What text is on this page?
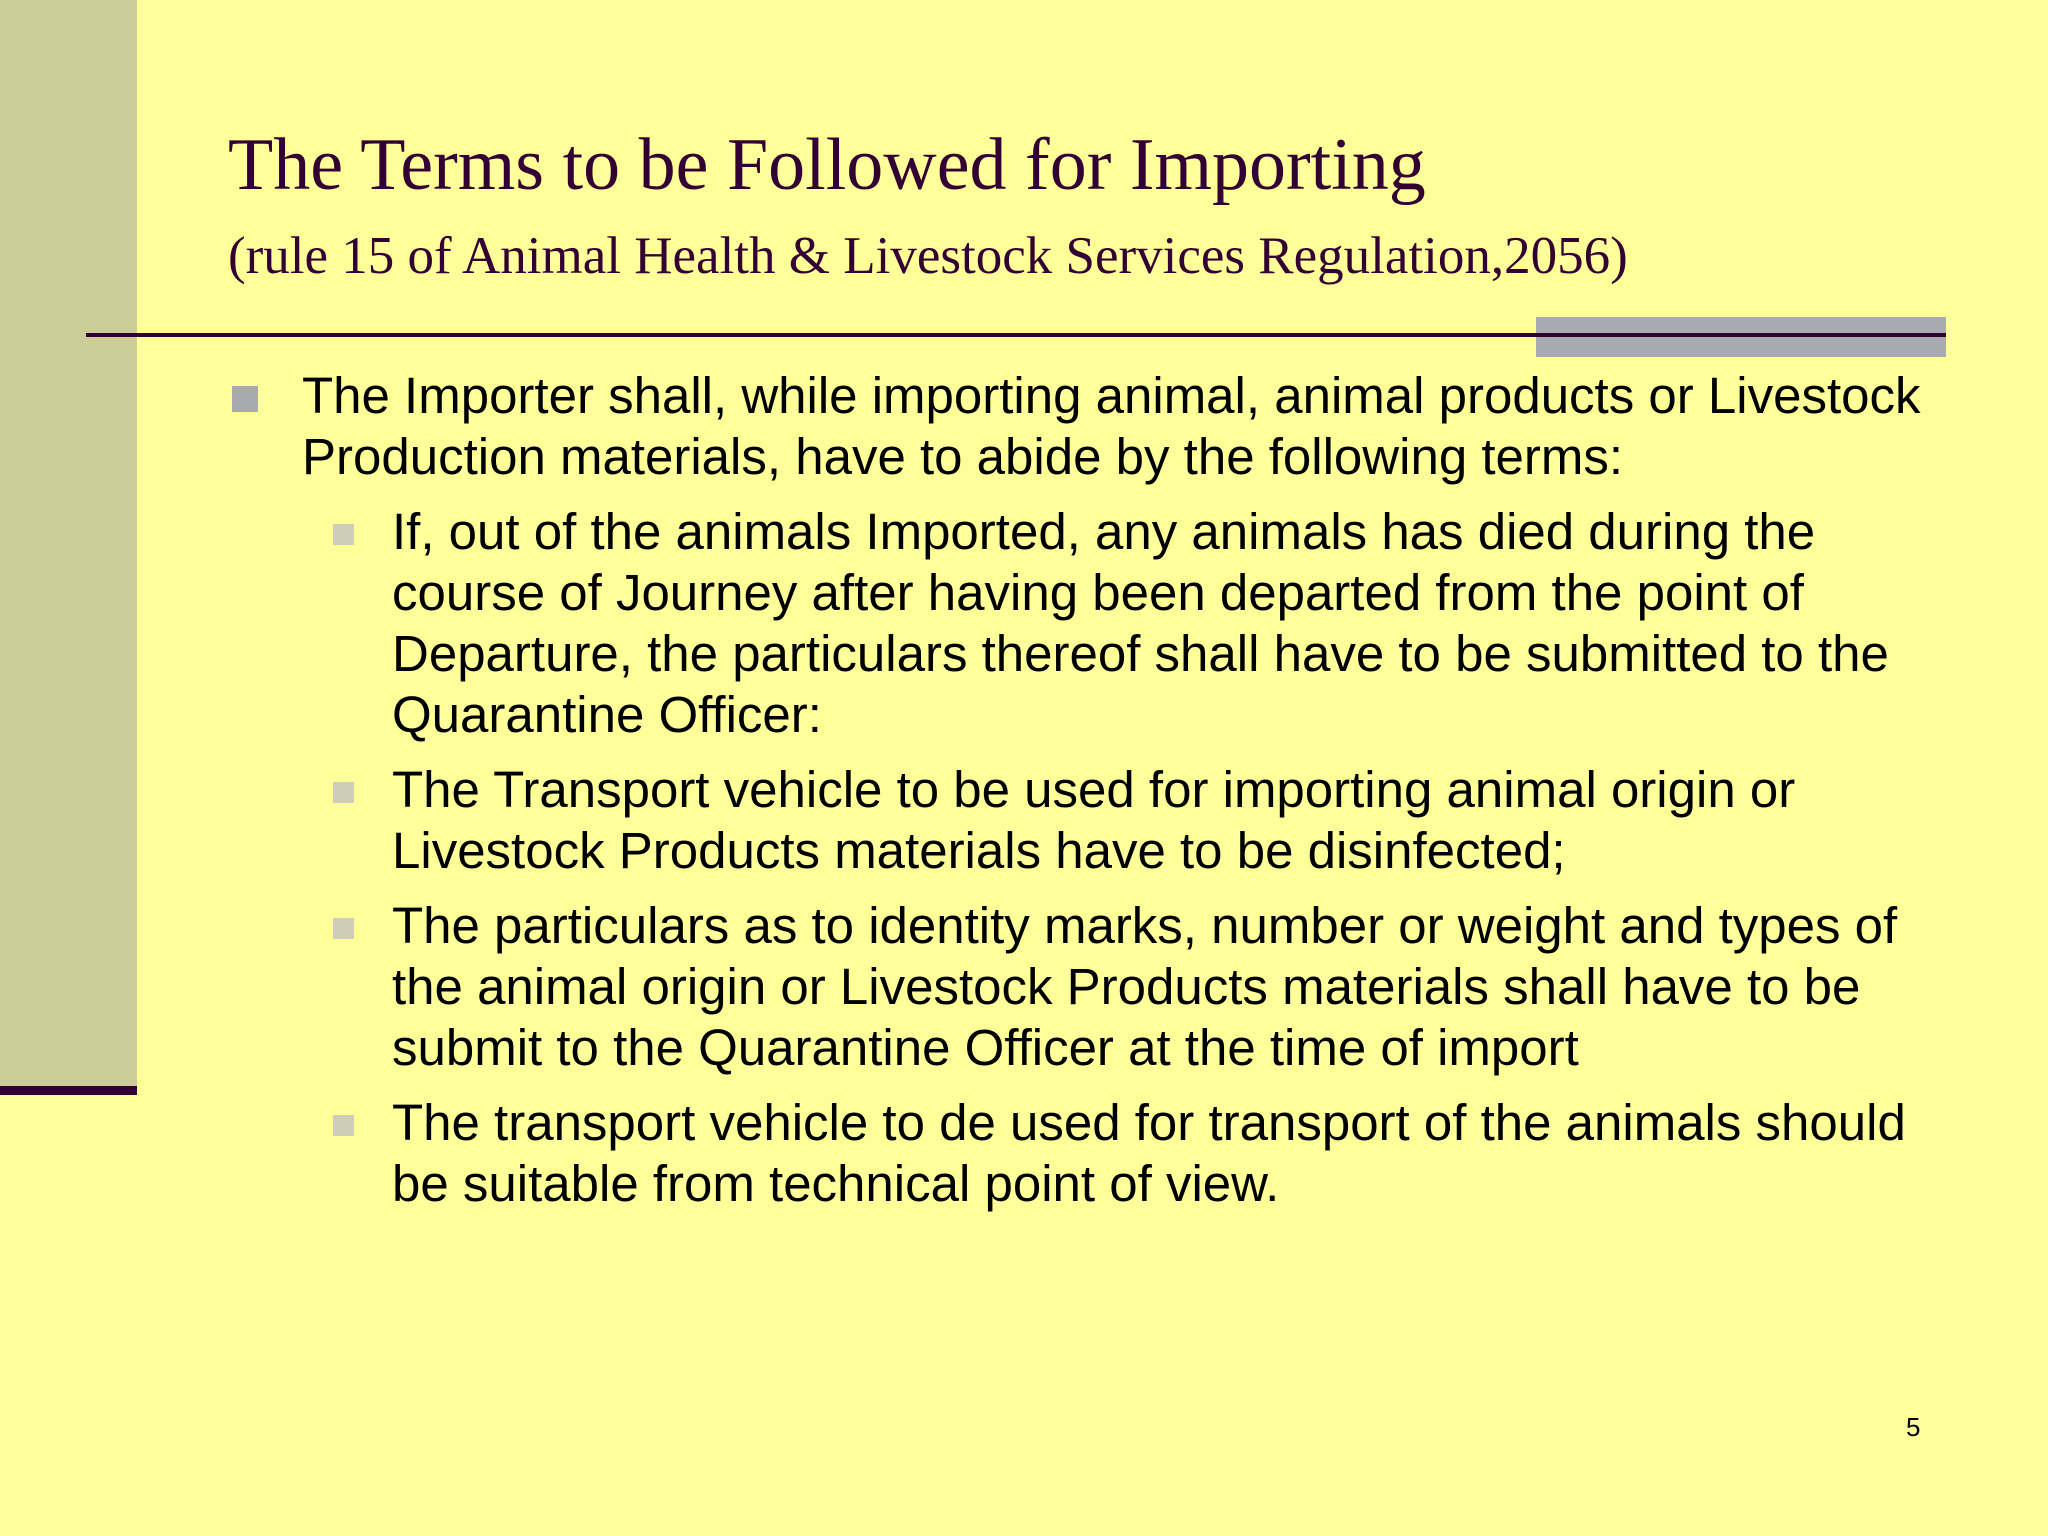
The Terms to be Followed for Importing
(rule 15 of Animal Health & Livestock Services Regulation,2056)
The Importer shall, while importing animal, animal products or Livestock Production materials, have to abide by the following terms:
If, out of the animals Imported, any animals has died during the course of Journey after having been departed from the point of Departure, the particulars thereof shall have to be submitted to the Quarantine Officer:
The Transport vehicle to be used for importing animal origin or Livestock Products materials have to be disinfected;
The particulars as to identity marks, number or weight and types of the animal origin or Livestock Products materials shall have to be submit to the Quarantine Officer at the time of import
The transport vehicle to de used for transport of the animals should be suitable from technical point of view.
5
